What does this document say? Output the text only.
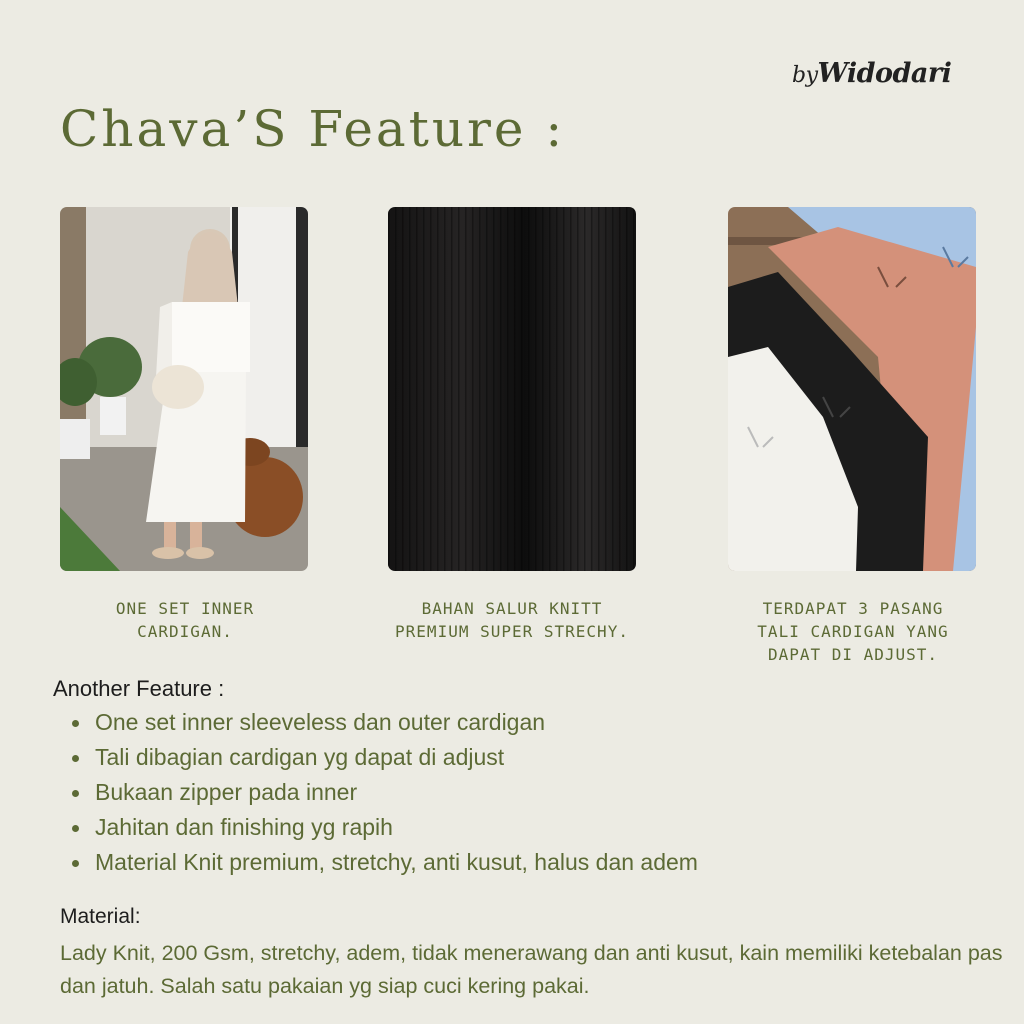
byWidodari
Chava’S Feature :
ONE SET INNER
CARDIGAN.
BAHAN SALUR KNITT
PREMIUM SUPER STRECHY.
TERDAPAT 3 PASANG
TALI CARDIGAN YANG
DAPAT DI ADJUST.
Another Feature :
One set inner sleeveless dan outer cardigan
Tali dibagian cardigan yg dapat di adjust
Bukaan zipper pada inner
Jahitan dan finishing yg rapih
Material Knit premium, stretchy, anti kusut, halus dan adem
Material:
Lady Knit, 200 Gsm, stretchy, adem, tidak menerawang dan anti kusut, kain memiliki ketebalan pas dan jatuh. Salah satu pakaian yg siap cuci kering pakai.
